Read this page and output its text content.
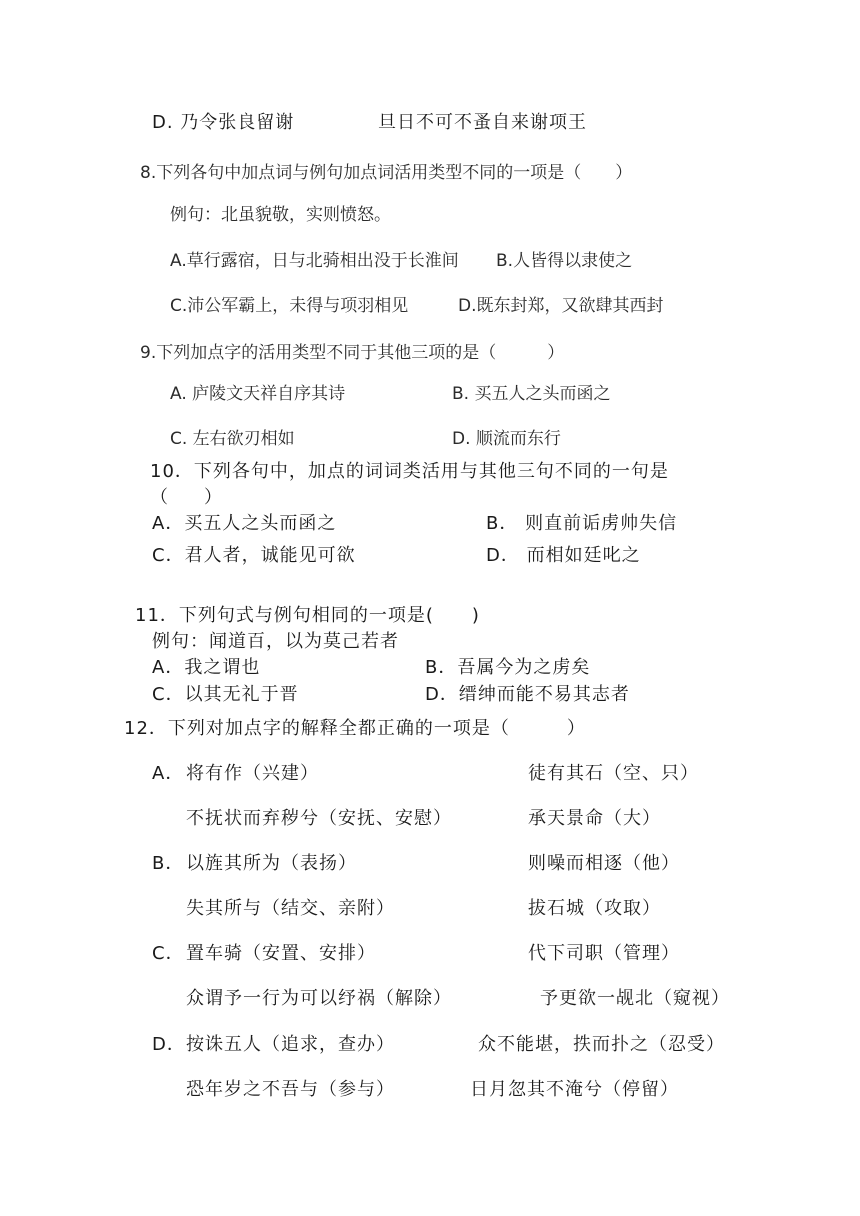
D. 乃令张良留谢	旦日不可不蚤自来谢项王
8.下列各句中加点词与例句加点词活用类型不同的一项是（　　）
例句：北虽貌敬，实则愤怒。
A.草行露宿，日与北骑相出没于长淮间 B.人皆得以隶使之
C.沛公军霸上，未得与项羽相见	D.既东封郑，又欲肆其西封
9.下列加点字的活用类型不同于其他三项的是（　　　）
A. 庐陵文天祥自序其诗	B. 买五人之头而函之
C. 左右欲刃相如	D. 顺流而东行
10．下列各句中，加点的词词类活用与其他三句不同的一句是
（　　）
A．买五人之头而函之	B． 则直前诟虏帅失信
C．君人者，诚能见可欲	D． 而相如廷叱之
11．下列句式与例句相同的一项是(　　)
例句：闻道百，以为莫己若者
A．我之谓也	B．吾属今为之虏矣
C．以其无礼于晋	D．缙绅而能不易其志者
12．下列对加点字的解释全都正确的一项是（　　　）
A． 将有作（兴建）	徒有其石（空、只）
不抚状而弃秽兮（安抚、安慰）	承天景命（大）
B． 以旌其所为（表扬）	则噪而相逐（他）
失其所与（结交、亲附）	拔石城（攻取）
C． 置车骑（安置、安排）	代下司职（管理）
众谓予一行为可以纾祸（解除）	予更欲一觇北（窥视）
D． 按诛五人（追求，查办）	众不能堪，抶而扑之（忍受）
恐年岁之不吾与（参与）	日月忽其不淹兮（停留）
